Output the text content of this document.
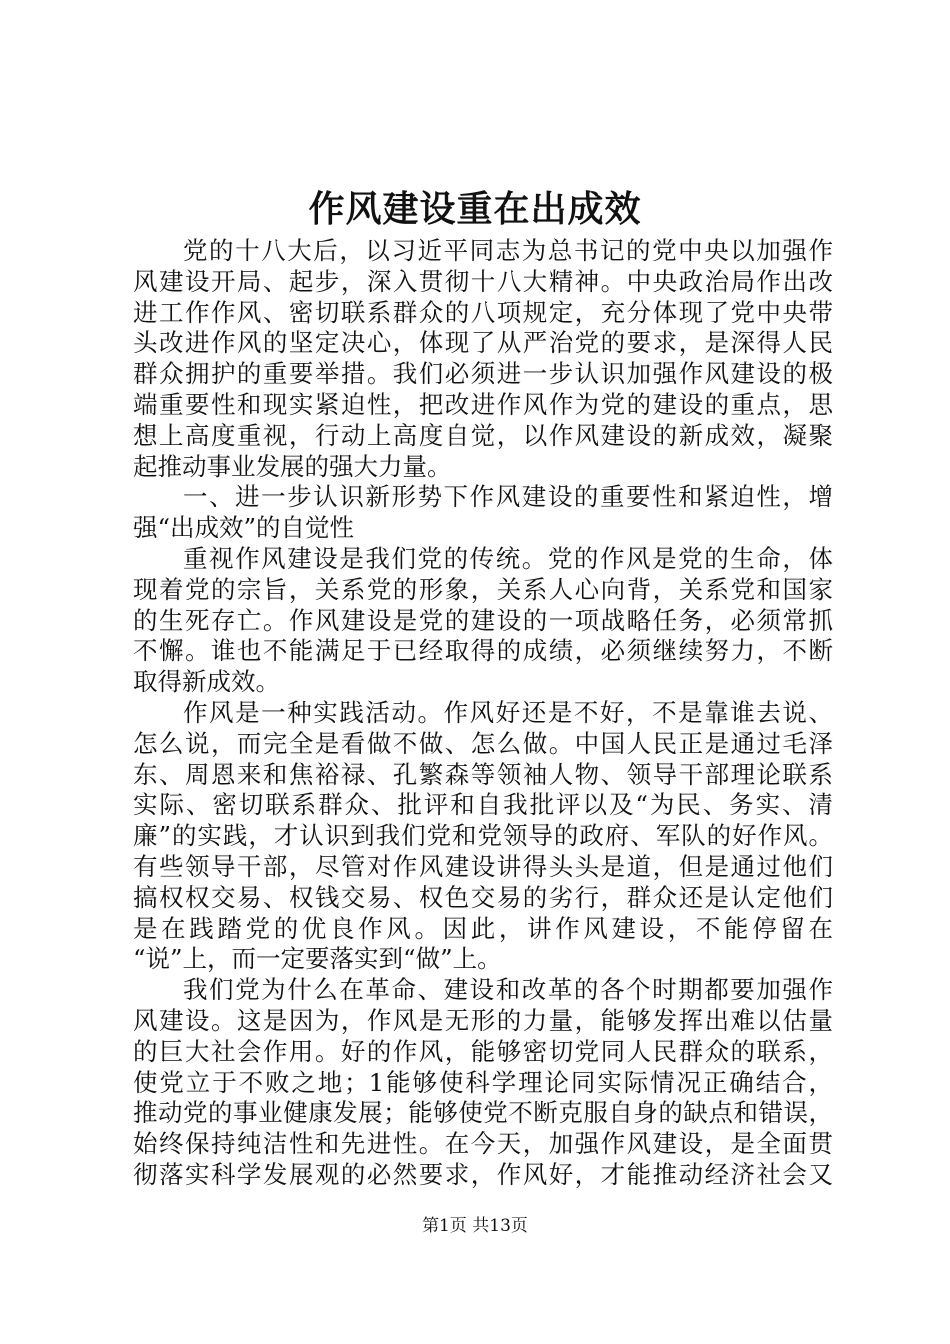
作风建设重在出成效
党的十八大后，以习近平同志为总书记的党中央以加强作
风建设开局、起步，深入贯彻十八大精神。中央政治局作出改
进工作作风、密切联系群众的八项规定，充分体现了党中央带
头改进作风的坚定决心，体现了从严治党的要求，是深得人民
群众拥护的重要举措。我们必须进一步认识加强作风建设的极
端重要性和现实紧迫性，把改进作风作为党的建设的重点，思
想上高度重视，行动上高度自觉，以作风建设的新成效，凝聚
起推动事业发展的强大力量。
一、进一步认识新形势下作风建设的重要性和紧迫性，增
强“出成效”的自觉性
重视作风建设是我们党的传统。党的作风是党的生命，体
现着党的宗旨，关系党的形象，关系人心向背，关系党和国家
的生死存亡。作风建设是党的建设的一项战略任务，必须常抓
不懈。谁也不能满足于已经取得的成绩，必须继续努力，不断
取得新成效。
作风是一种实践活动。作风好还是不好，不是靠谁去说、
怎么说，而完全是看做不做、怎么做。中国人民正是通过毛泽
东、周恩来和焦裕禄、孔繁森等领袖人物、领导干部理论联系
实际、密切联系群众、批评和自我批评以及“为民、务实、清
廉”的实践，才认识到我们党和党领导的政府、军队的好作风。
有些领导干部，尽管对作风建设讲得头头是道，但是通过他们
搞权权交易、权钱交易、权色交易的劣行，群众还是认定他们
是在践踏党的优良作风。因此，讲作风建设，不能停留在
“说”上，而一定要落实到“做”上。
我们党为什么在革命、建设和改革的各个时期都要加强作
风建设。这是因为，作风是无形的力量，能够发挥出难以估量
的巨大社会作用。好的作风，能够密切党同人民群众的联系，
使党立于不败之地；1能够使科学理论同实际情况正确结合，
推动党的事业健康发展；能够使党不断克服自身的缺点和错误，
始终保持纯洁性和先进性。在今天，加强作风建设，是全面贯
彻落实科学发展观的必然要求，作风好，才能推动经济社会又
第1页 共13页
